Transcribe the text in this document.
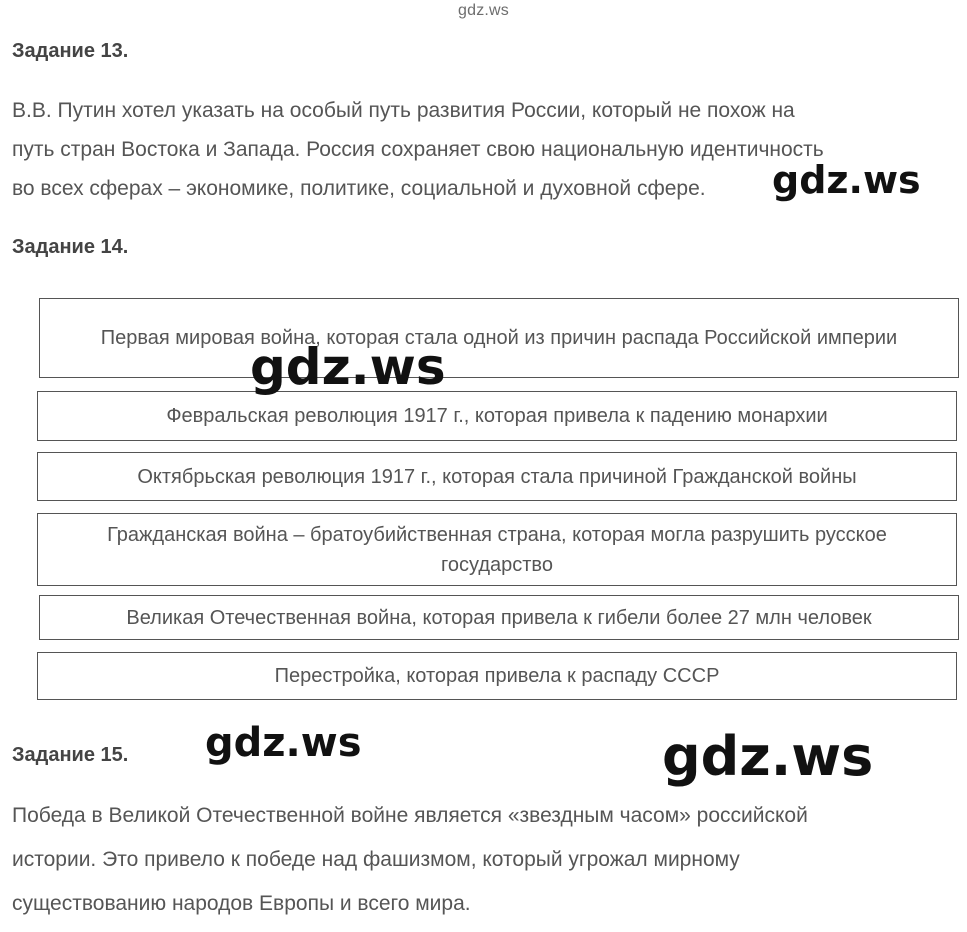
gdz.ws
Задание 13.

В.В. Путин хотел указать на особый путь развития России, который не похож на
путь стран Востока и Запада. Россия сохраняет свою национальную идентичность
во всех сферах – экономике, политике, социальной и духовной сфере.

Задание 14.
Первая мировая война, которая стала одной из причин распада Российской империи
Февральская революция 1917 г., которая привела к падению монархии
Октябрьская революция 1917 г., которая стала причиной Гражданской войны
Гражданская война – братоубийственная страна, которая могла разрушить русское государство
Великая Отечественная война, которая привела к гибели более 27 млн человек
Перестройка, которая привела к распаду СССР
Задание 15.

Победа в Великой Отечественной войне является «звездным часом» российской
истории. Это привело к победе над фашизмом, который угрожал мирному
существованию народов Европы и всего мира.

gdz.ws
gdz.ws
gdz.ws	gdz.ws
